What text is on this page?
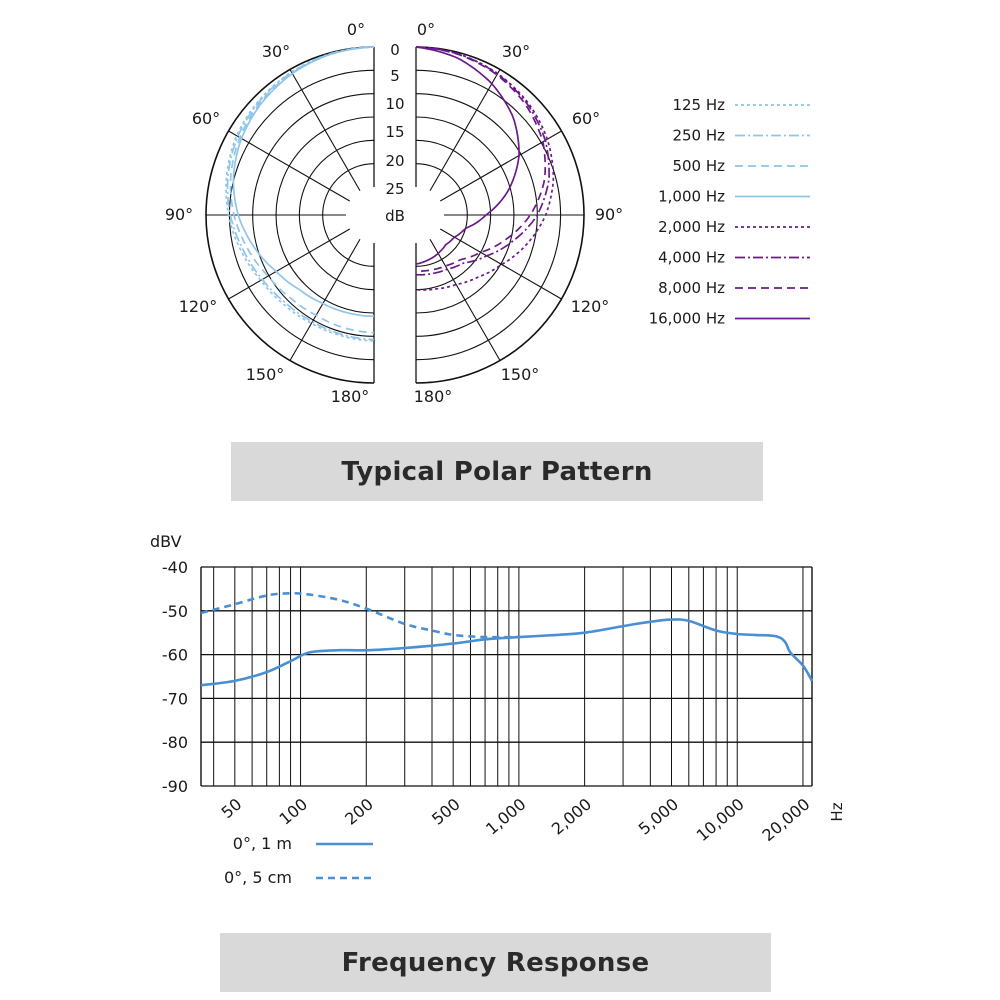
0°	0°
30°	30°
60°	60°
90°	90°
120°	120°
150°	150°
180°	180°
0
5
10
15
20
25
dB
125 Hz
250 Hz
500 Hz
1,000 Hz
2,000 Hz
4,000 Hz
8,000 Hz
16,000 Hz
Typical Polar Pattern
-40
-50
-60
-70
-80
-90
dBV
50 100 200	500 1,000 2,000 5,000 10,000 20,000 Hz
0°, 1 m
0°, 5 cm
Frequency Response
